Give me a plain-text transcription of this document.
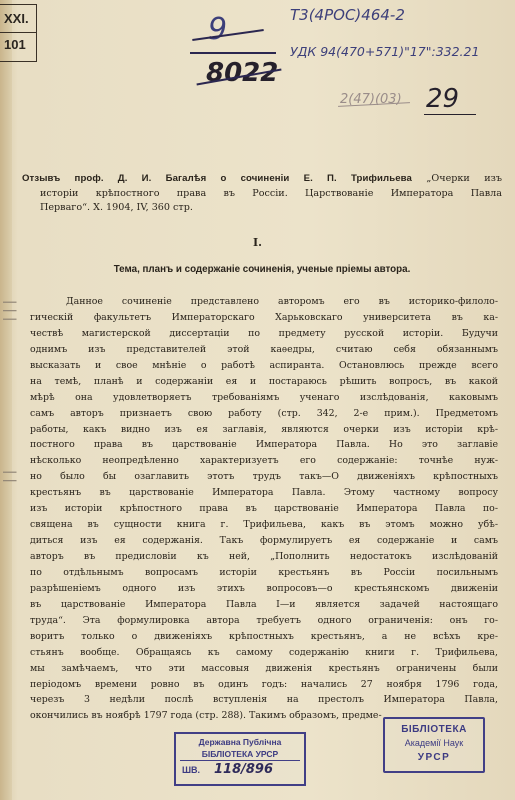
XXI.
101	9
8022
Т3(4РОС)464-2
УДК 94(470+571)"17":332.21
2(47)(03) 29
| | |
| |
Отзывъ проф. Д. И. Багалѣя о сочиненіи Е. П. Трифильева „Очерки изъ
исторіи крѣпостного права въ Россіи. Царствованіе Императора Павла
Перваго“. X. 1904, IV, 360 стр.
I.
Тема, планъ и содержаніе сочиненія, ученые пріемы автора.
Данное сочиненіе представлено авторомъ его въ историко-филоло-
гическій факультетъ Императорскаго Харьковскаго университета въ ка-
чествѣ магистерской диссертаціи по предмету русской исторіи. Будучи
однимъ изъ представителей этой каѳедры, считаю себя обязаннымъ
высказать и свое мнѣніе о работѣ аспиранта. Остановлюсь прежде всего
на темѣ, планѣ и содержаніи ея и постараюсь рѣшить вопросъ, въ какой
мѣрѣ она удовлетворяетъ требованіямъ ученаго изслѣдованія, каковымъ
самъ авторъ признаетъ свою работу (стр. 342, 2-е прим.). Предметомъ
работы, какъ видно изъ ея заглавія, являются очерки изъ исторіи крѣ-
постного права въ царствованіе Императора Павла. Но это заглавіе
нѣсколько неопредѣленно характеризуетъ его содержаніе: точнѣе нуж-
но было бы озаглавить этотъ трудъ такъ—О движеніяхъ крѣпостныхъ
крестьянъ въ царствованіе Императора Павла. Этому частному вопросу
изъ исторіи крѣпостного права въ царствованіе Императора Павла по-
священа въ сущности книга г. Трифильева, какъ въ этомъ можно убѣ-
диться изъ ея содержанія. Такъ формулируетъ ея содержаніе и самъ
авторъ въ предисловіи къ ней, „Пополнить недостатокъ изслѣдованій
по отдѣльнымъ вопросамъ исторіи крестьянъ въ Россіи посильнымъ
разрѣшеніемъ одного изъ этихъ вопросовъ—о крестьянскомъ движеніи
въ царствованіе Императора Павла I—и является задачей настоящаго
труда“. Эта формулировка автора требуетъ одного ограниченія: онъ го-
воритъ только о движеніяхъ крѣпостныхъ крестьянъ, а не всѣхъ кре-
стьянъ вообще. Обращаясь къ самому содержанію книги г. Трифильева,
мы замѣчаемъ, что эти массовыя движенія крестьянъ ограничены были
періодомъ времени ровно въ одинъ годъ: начались 27 ноября 1796 года,
черезъ 3 недѣли послѣ вступленія на престолъ Императора Павла,
окончились въ ноябрѣ 1797 года (стр. 288). Такимъ образомъ, предме-
Державна Публічна
БІБЛІОТЕКА УРСР
ШВ. 118/896
БІБЛІОТЕКА
Академії Наук
УРСР
